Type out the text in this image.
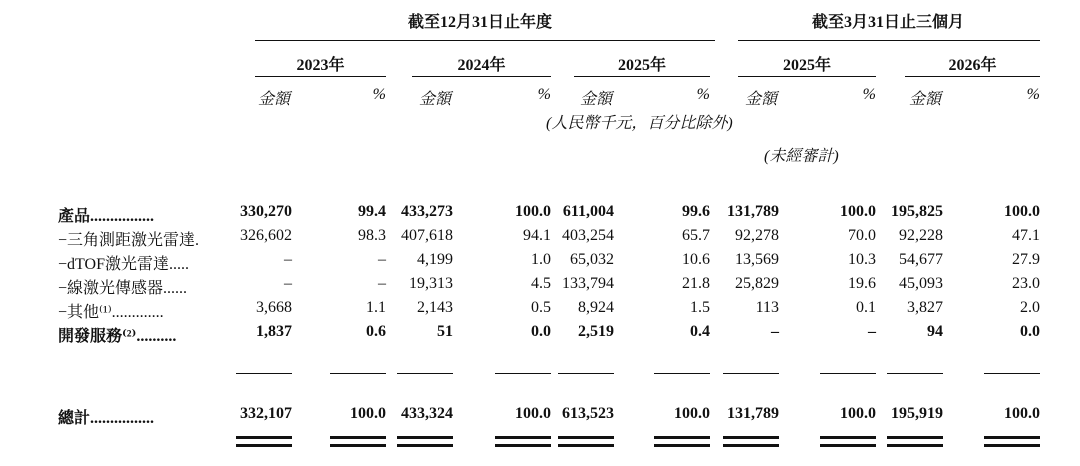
截至12月31日止年度	截至3月31日止三個月
2023年	2024年	2025年	2025年	2026年
金額	% 金額	% 金額	% 金額	% 金額	%
(人民幣千元，百分比除外)
(未經審計)
產品................	330,270	99.4 433,273	100.0 611,004	99.6 131,789	100.0 195,825	100.0
−三角測距激光雷達.	326,602	98.3 407,618	94.1 403,254	65.7 92,278	70.0 92,228	47.1
−dTOF激光雷達.....	–	– 4,199	1.0 65,032	10.6 13,569	10.3 54,677	27.9
−線激光傳感器......	–	– 19,313	4.5 133,794	21.8 25,829	19.6 45,093	23.0
−其他⁽¹⁾.............	3,668	1.1 2,143	0.5 8,924	1.5	113	0.1 3,827	2.0
開發服務⁽²⁾..........	1,837	0.6	51	0.0 2,519	0.4	–	–	94	0.0
總計................	332,107	100.0 433,324	100.0 613,523	100.0 131,789	100.0 195,919	100.0
